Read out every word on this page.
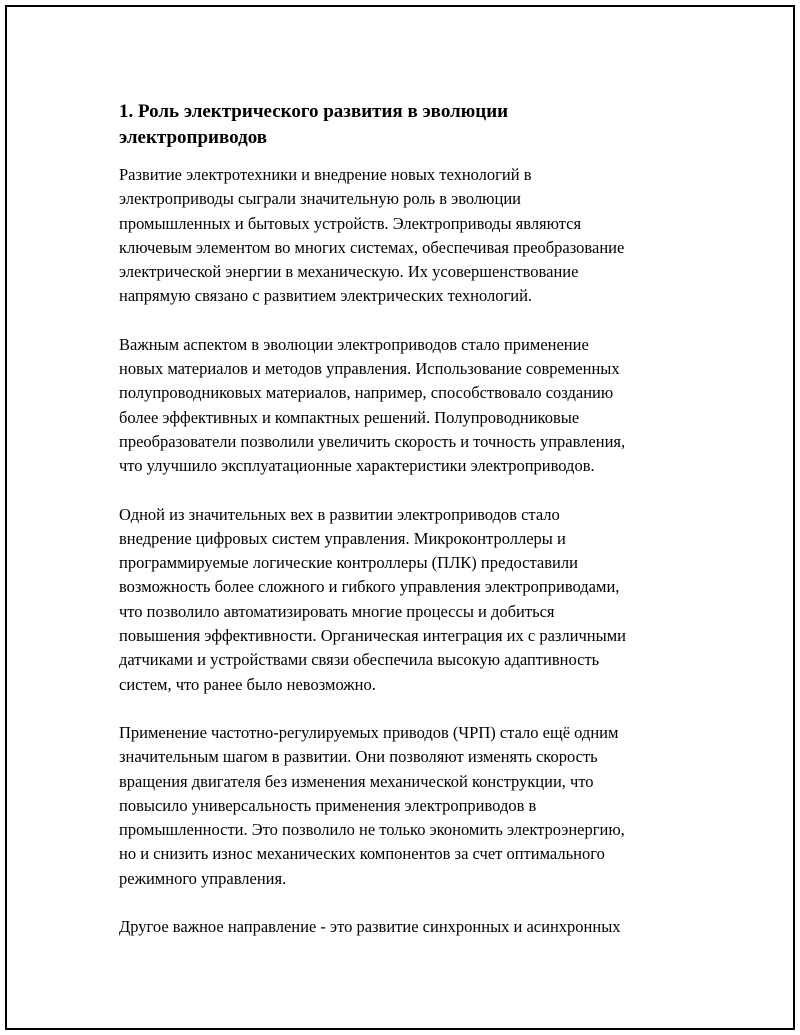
1. Роль электрического развития в эволюции
электроприводов

Развитие электротехники и внедрение новых технологий в
электроприводы сыграли значительную роль в эволюции
промышленных и бытовых устройств. Электроприводы являются
ключевым элементом во многих системах, обеспечивая преобразование
электрической энергии в механическую. Их усовершенствование
напрямую связано с развитием электрических технологий.

Важным аспектом в эволюции электроприводов стало применение
новых материалов и методов управления. Использование современных
полупроводниковых материалов, например, способствовало созданию
более эффективных и компактных решений. Полупроводниковые
преобразователи позволили увеличить скорость и точность управления,
что улучшило эксплуатационные характеристики электроприводов.

Одной из значительных вех в развитии электроприводов стало
внедрение цифровых систем управления. Микроконтроллеры и
программируемые логические контроллеры (ПЛК) предоставили
возможность более сложного и гибкого управления электроприводами,
что позволило автоматизировать многие процессы и добиться
повышения эффективности. Органическая интеграция их с различными
датчиками и устройствами связи обеспечила высокую адаптивность
систем, что ранее было невозможно.

Применение частотно-регулируемых приводов (ЧРП) стало ещё одним
значительным шагом в развитии. Они позволяют изменять скорость
вращения двигателя без изменения механической конструкции, что
повысило универсальность применения электроприводов в
промышленности. Это позволило не только экономить электроэнергию,
но и снизить износ механических компонентов за счет оптимального
режимного управления.

Другое важное направление - это развитие синхронных и асинхронных
